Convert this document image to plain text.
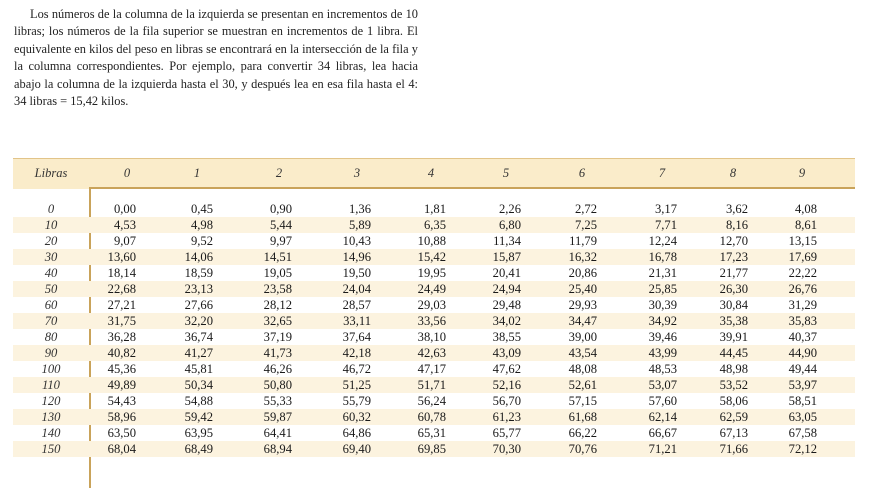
Los números de la columna de la izquierda se presentan en incrementos de 10 libras; los números de la fila superior se muestran en incrementos de 1 libra. El equivalente en kilos del peso en libras se encontrará en la intersección de la fila y la columna correspondientes. Por ejemplo, para convertir 34 libras, lea hacia abajo la columna de la izquierda hasta el 30, y después lea en esa fila hasta el 4: 34 libras = 15,42 kilos.

Libras	0	1	2	3	4	5	6	7	8	9
0	0,00	0,45	0,90	1,36	1,81	2,26	2,72	3,17	3,62	4,08
10	4,53	4,98	5,44	5,89	6,35	6,80	7,25	7,71	8,16	8,61
20	9,07	9,52	9,97	10,43	10,88	11,34	11,79	12,24	12,70	13,15
30	13,60	14,06	14,51	14,96	15,42	15,87	16,32	16,78	17,23	17,69
40	18,14	18,59	19,05	19,50	19,95	20,41	20,86	21,31	21,77	22,22
50	22,68	23,13	23,58	24,04	24,49	24,94	25,40	25,85	26,30	26,76
60	27,21	27,66	28,12	28,57	29,03	29,48	29,93	30,39	30,84	31,29
70	31,75	32,20	32,65	33,11	33,56	34,02	34,47	34,92	35,38	35,83
80	36,28	36,74	37,19	37,64	38,10	38,55	39,00	39,46	39,91	40,37
90	40,82	41,27	41,73	42,18	42,63	43,09	43,54	43,99	44,45	44,90
100	45,36	45,81	46,26	46,72	47,17	47,62	48,08	48,53	48,98	49,44
110	49,89	50,34	50,80	51,25	51,71	52,16	52,61	53,07	53,52	53,97
120	54,43	54,88	55,33	55,79	56,24	56,70	57,15	57,60	58,06	58,51
130	58,96	59,42	59,87	60,32	60,78	61,23	61,68	62,14	62,59	63,05
140	63,50	63,95	64,41	64,86	65,31	65,77	66,22	66,67	67,13	67,58
150	68,04	68,49	68,94	69,40	69,85	70,30	70,76	71,21	71,66	72,12
